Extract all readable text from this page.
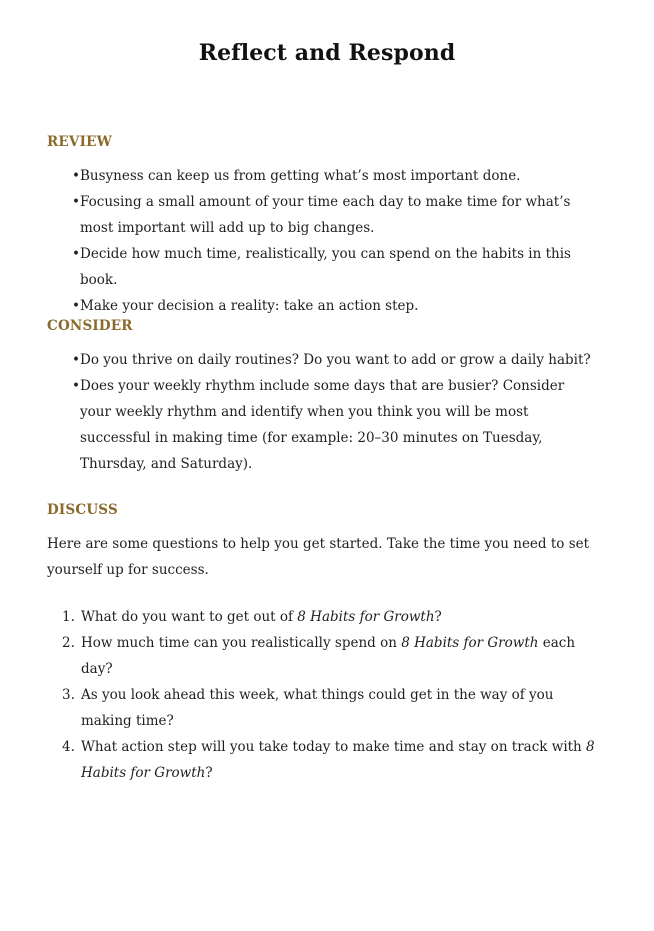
Reflect and Respond
REVIEW
• Busyness can keep us from getting what’s most important done.
• Focusing a small amount of your time each day to make time for what’s most important will add up to big changes.
• Decide how much time, realistically, you can spend on the habits in this book.
• Make your decision a reality: take an action step.
CONSIDER
• Do you thrive on daily routines? Do you want to add or grow a daily habit?
• Does your weekly rhythm include some days that are busier? Consider your weekly rhythm and identify when you think you will be most successful in making time (for example: 20–30 minutes on Tuesday, Thursday, and Saturday).
DISCUSS

Here are some questions to help you get started. Take the time you need to set yourself up for success.

1. What do you want to get out of 8 Habits for Growth?
2. How much time can you realistically spend on 8 Habits for Growth each day?
3. As you look ahead this week, what things could get in the way of you making time?
4. What action step will you take today to make time and stay on track with 8 Habits for Growth?
